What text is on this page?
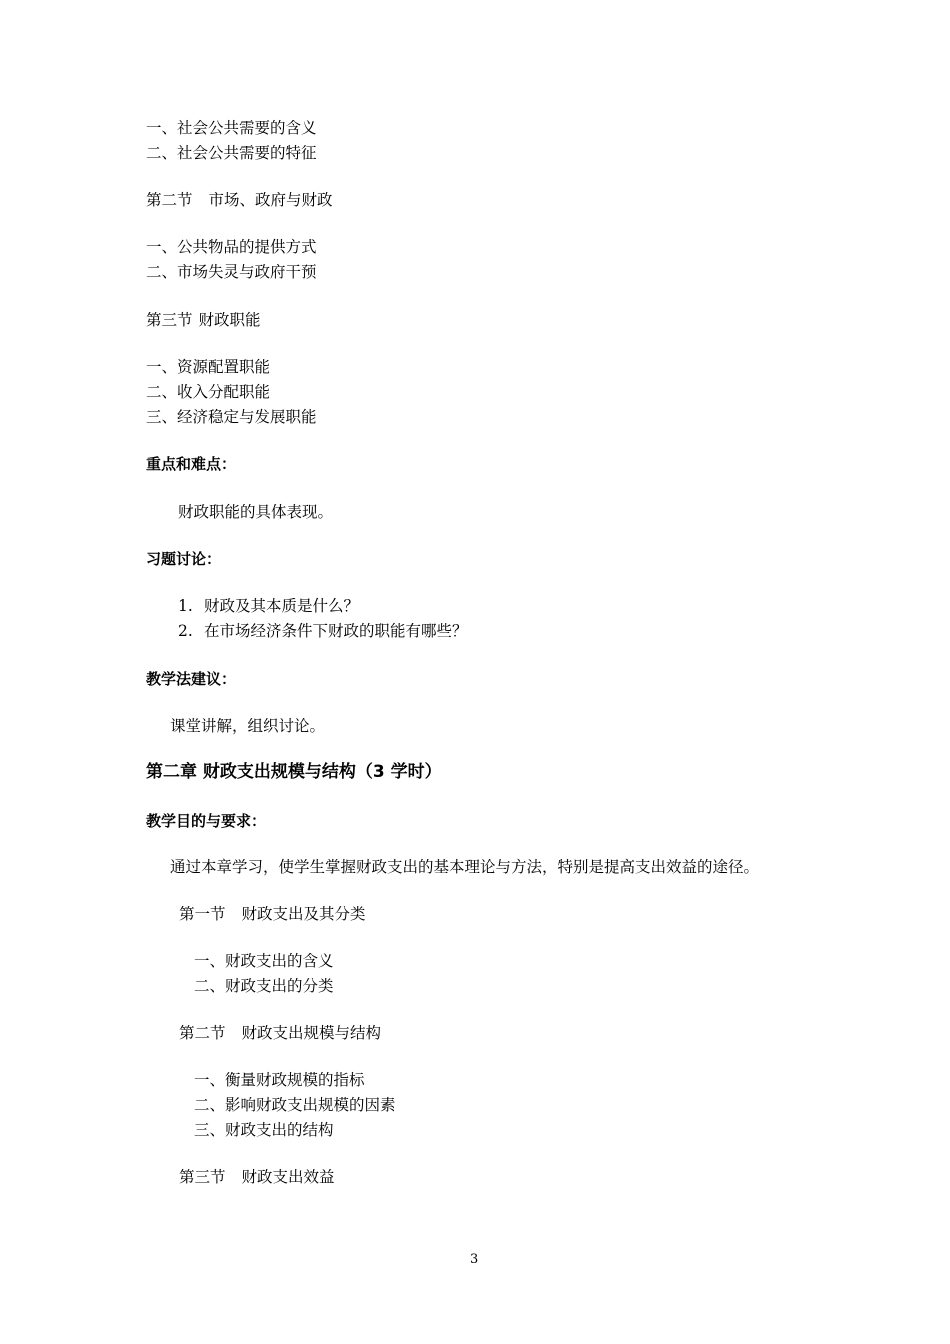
一、社会公共需要的含义
二、社会公共需要的特征
第二节 市场、政府与财政
一、公共物品的提供方式
二、市场失灵与政府干预
第三节 财政职能
一、资源配置职能
二、收入分配职能
三、经济稳定与发展职能
重点和难点：
财政职能的具体表现。
习题讨论：
1. 财政及其本质是什么？
2. 在市场经济条件下财政的职能有哪些？
教学法建议：
课堂讲解，组织讨论。
第二章 财政支出规模与结构（3 学时）
教学目的与要求：
通过本章学习，使学生掌握财政支出的基本理论与方法，特别是提高支出效益的途径。
第一节 财政支出及其分类
一、财政支出的含义
二、财政支出的分类
第二节 财政支出规模与结构
一、衡量财政规模的指标
二、影响财政支出规模的因素
三、财政支出的结构
第三节 财政支出效益
3
